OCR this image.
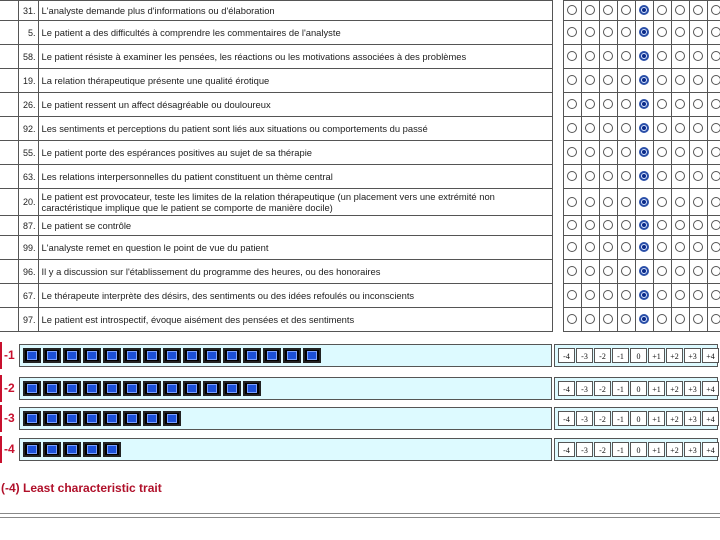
	31.	L'analyste demande plus d'informations ou d'élaboration										
	5.	Le patient a des difficultés à comprendre les commentaires de l'analyste										
	58.	Le patient résiste à examiner les pensées, les réactions ou les motivations associées à des problèmes										
	19.	La relation thérapeutique présente une qualité érotique										
	26.	Le patient ressent un affect désagréable ou douloureux										
	92.	Les sentiments et perceptions du patient sont liés aux situations ou comportements du passé										
	55.	Le patient porte des espérances positives au sujet de sa thérapie										
	63.	Les relations interpersonnelles du patient constituent un thème central										
	20.	Le patient est provocateur, teste les limites de la relation thérapeutique (un placement vers une extrémité non caractéristique implique que le patient se comporte de manière docile)										
	87.	Le patient se contrôle										
	99.	L'analyste remet en question le point de vue du patient										
	96.	Il y a discussion sur l'établissement du programme des heures, ou des honoraires										
	67.	Le thérapeute interprète des désirs, des sentiments ou des idées refoulés ou inconscients										
	97.	Le patient est introspectif, évoque aisément des pensées et des sentiments										
-1	-4	-3	-2	-1	0	+1	+2	+3	+4
-2	-4	-3	-2	-1	0	+1	+2	+3	+4
-3	-4	-3	-2	-1	0	+1	+2	+3	+4
-4	-4	-3	-2	-1	0	+1	+2	+3	+4
(-4) Least characteristic trait
